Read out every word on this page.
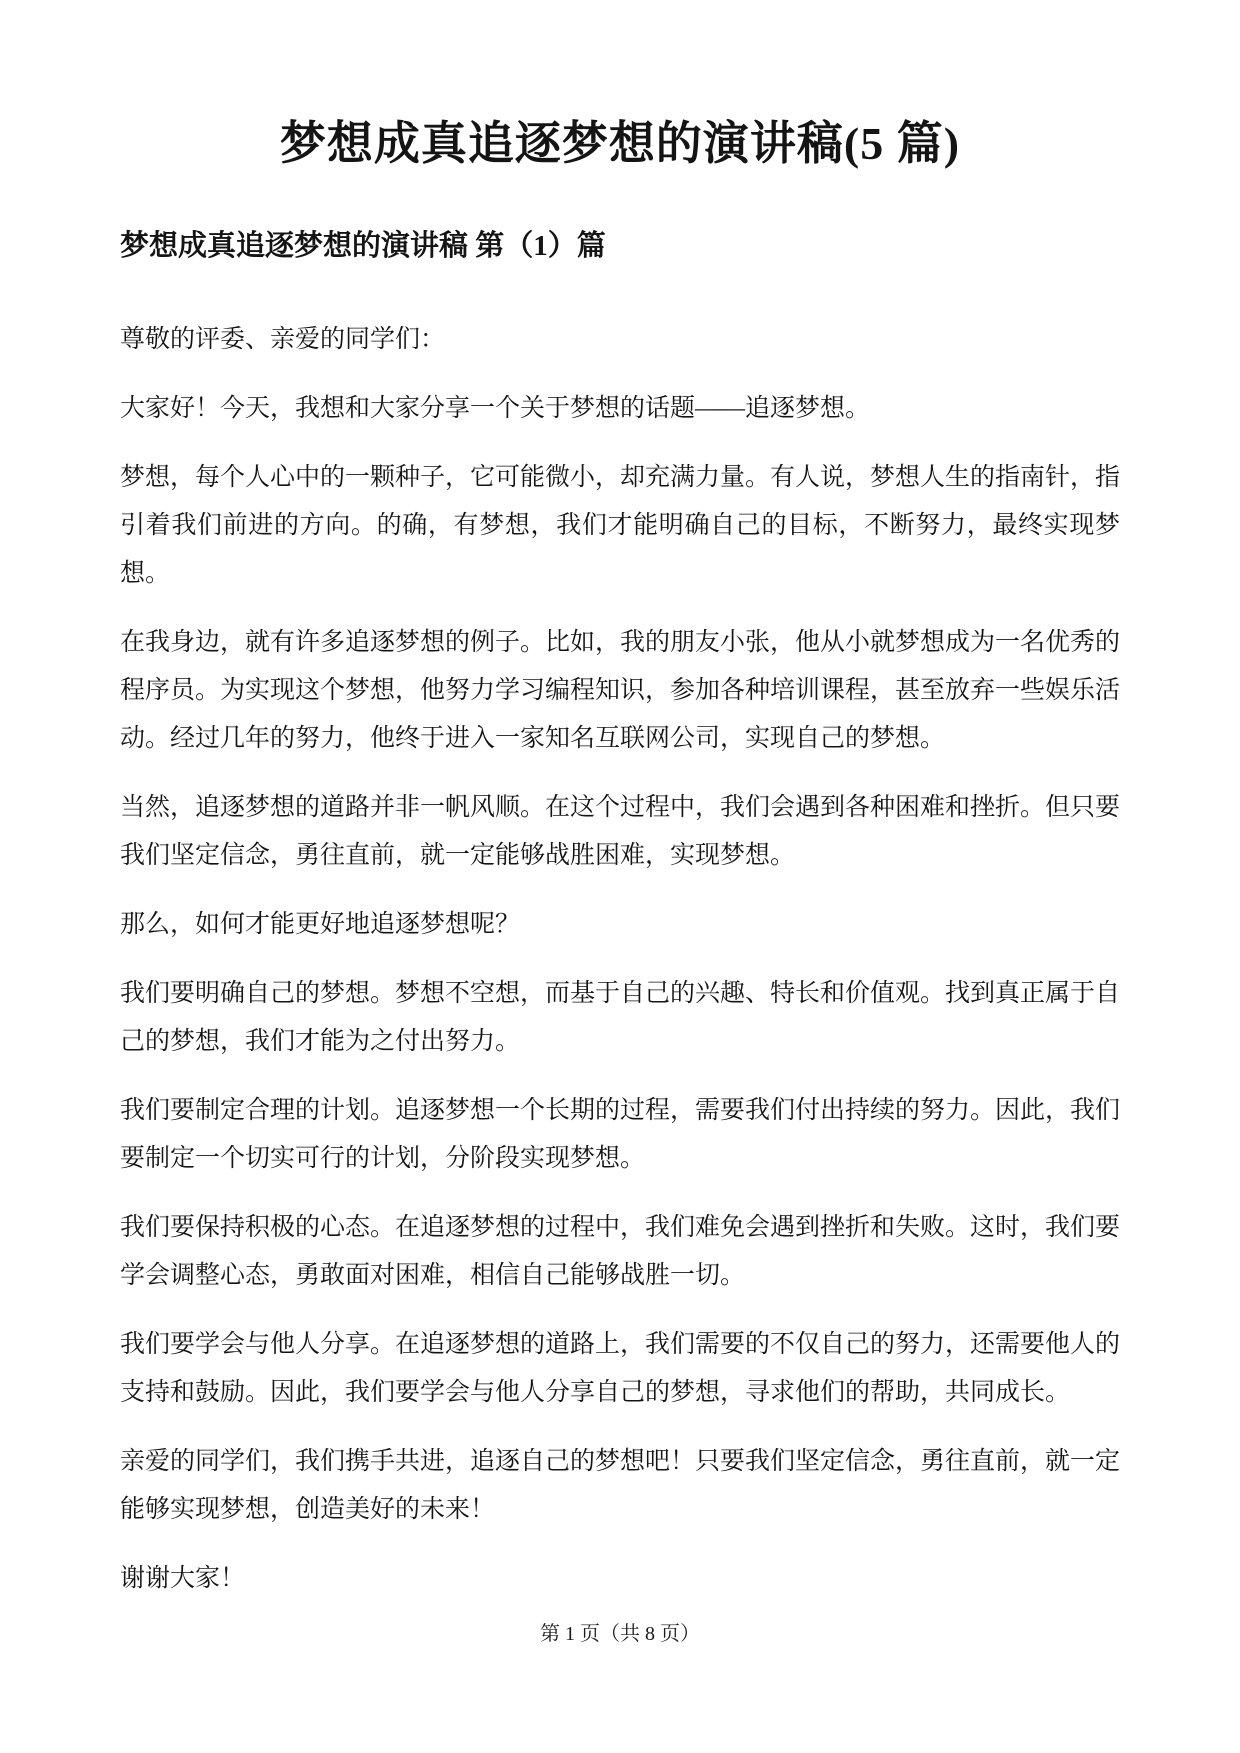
梦想成真追逐梦想的演讲稿(5 篇)
梦想成真追逐梦想的演讲稿 第（1）篇

尊敬的评委、亲爱的同学们：

大家好！今天，我想和大家分享一个关于梦想的话题——追逐梦想。

梦想，每个人心中的一颗种子，它可能微小，却充满力量。有人说，梦想人生的指南针，指引着我们前进的方向。的确，有梦想，我们才能明确自己的目标，不断努力，最终实现梦想。

在我身边，就有许多追逐梦想的例子。比如，我的朋友小张，他从小就梦想成为一名优秀的程序员。为实现这个梦想，他努力学习编程知识，参加各种培训课程，甚至放弃一些娱乐活动。经过几年的努力，他终于进入一家知名互联网公司，实现自己的梦想。

当然，追逐梦想的道路并非一帆风顺。在这个过程中，我们会遇到各种困难和挫折。但只要我们坚定信念，勇往直前，就一定能够战胜困难，实现梦想。

那么，如何才能更好地追逐梦想呢？

我们要明确自己的梦想。梦想不空想，而基于自己的兴趣、特长和价值观。找到真正属于自己的梦想，我们才能为之付出努力。

我们要制定合理的计划。追逐梦想一个长期的过程，需要我们付出持续的努力。因此，我们要制定一个切实可行的计划，分阶段实现梦想。

我们要保持积极的心态。在追逐梦想的过程中，我们难免会遇到挫折和失败。这时，我们要学会调整心态，勇敢面对困难，相信自己能够战胜一切。

我们要学会与他人分享。在追逐梦想的道路上，我们需要的不仅自己的努力，还需要他人的支持和鼓励。因此，我们要学会与他人分享自己的梦想，寻求他们的帮助，共同成长。

亲爱的同学们，我们携手共进，追逐自己的梦想吧！只要我们坚定信念，勇往直前，就一定能够实现梦想，创造美好的未来！

谢谢大家！

第 1 页（共 8 页）
